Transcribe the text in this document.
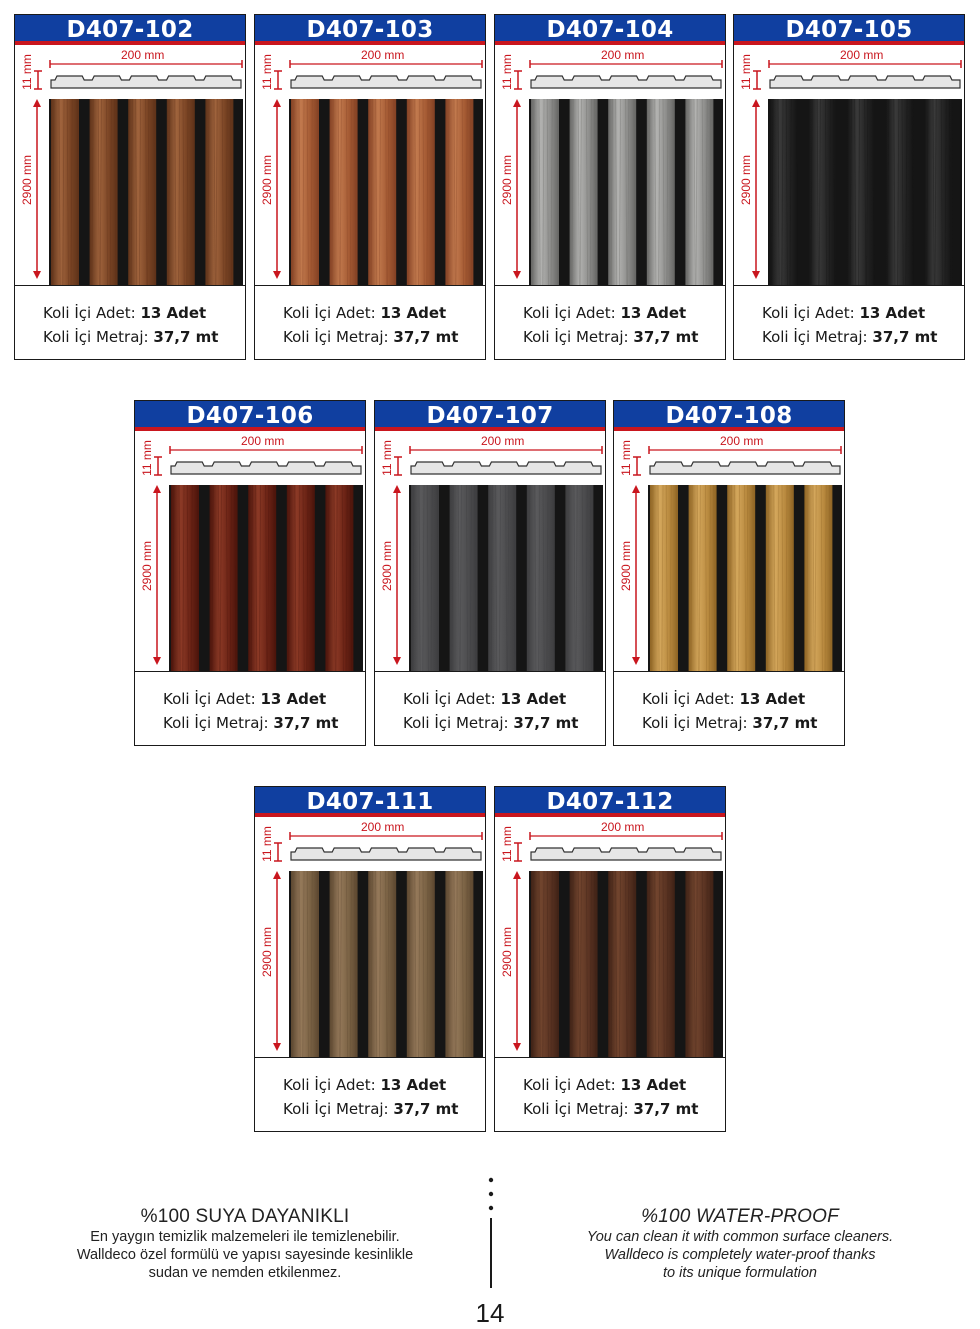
D407-102
200 mm
11 mm
2900 mm
Koli İçi Adet: 13 Adet
Koli İçi Metraj: 37,7 mt
D407-103
200 mm
11 mm
2900 mm
Koli İçi Adet: 13 Adet
Koli İçi Metraj: 37,7 mt
D407-104
200 mm
11 mm
2900 mm
Koli İçi Adet: 13 Adet
Koli İçi Metraj: 37,7 mt
D407-105
200 mm
11 mm
2900 mm
Koli İçi Adet: 13 Adet
Koli İçi Metraj: 37,7 mt
D407-106
200 mm
11 mm
2900 mm
Koli İçi Adet: 13 Adet
Koli İçi Metraj: 37,7 mt
D407-107
200 mm
11 mm
2900 mm
Koli İçi Adet: 13 Adet
Koli İçi Metraj: 37,7 mt
D407-108
200 mm
11 mm
2900 mm
Koli İçi Adet: 13 Adet
Koli İçi Metraj: 37,7 mt
D407-111
200 mm
11 mm
2900 mm
Koli İçi Adet: 13 Adet
Koli İçi Metraj: 37,7 mt
D407-112
200 mm
11 mm
2900 mm
Koli İçi Adet: 13 Adet
Koli İçi Metraj: 37,7 mt
%100 SUYA DAYANIKLI
En yaygın temizlik malzemeleri ile temizlenebilir.
Walldeco özel formülü ve yapısı sayesinde kesinlikle
sudan ve nemden etkilenmez.
%100 WATER-PROOF
You can clean it with common surface cleaners.
Walldeco is completely water-proof thanks
to its unique formulation
14
